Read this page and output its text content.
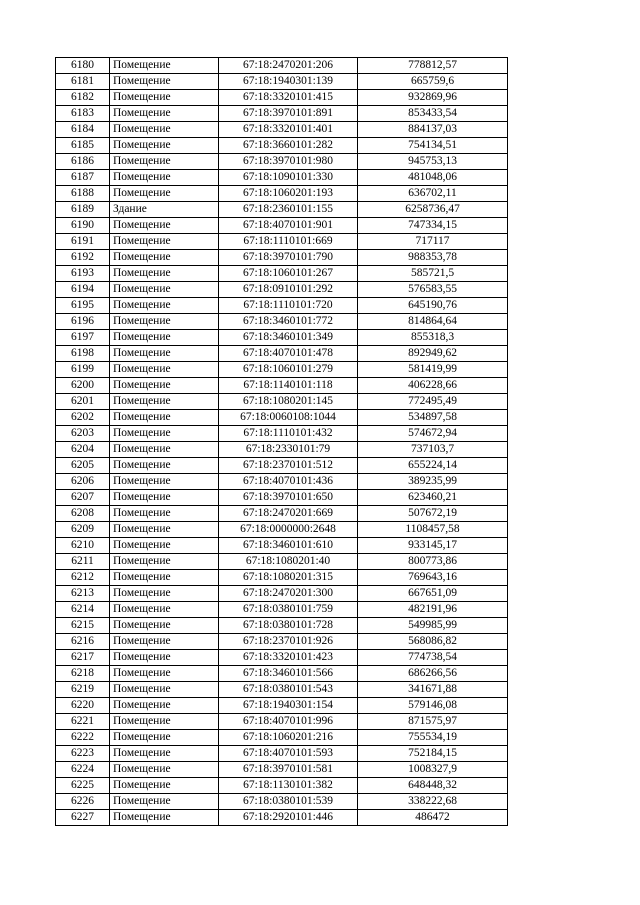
6180	Помещение	67:18:2470201:206	778812,57
6181	Помещение	67:18:1940301:139	665759,6
6182	Помещение	67:18:3320101:415	932869,96
6183	Помещение	67:18:3970101:891	853433,54
6184	Помещение	67:18:3320101:401	884137,03
6185	Помещение	67:18:3660101:282	754134,51
6186	Помещение	67:18:3970101:980	945753,13
6187	Помещение	67:18:1090101:330	481048,06
6188	Помещение	67:18:1060201:193	636702,11
6189	Здание	67:18:2360101:155	6258736,47
6190	Помещение	67:18:4070101:901	747334,15
6191	Помещение	67:18:1110101:669	717117
6192	Помещение	67:18:3970101:790	988353,78
6193	Помещение	67:18:1060101:267	585721,5
6194	Помещение	67:18:0910101:292	576583,55
6195	Помещение	67:18:1110101:720	645190,76
6196	Помещение	67:18:3460101:772	814864,64
6197	Помещение	67:18:3460101:349	855318,3
6198	Помещение	67:18:4070101:478	892949,62
6199	Помещение	67:18:1060101:279	581419,99
6200	Помещение	67:18:1140101:118	406228,66
6201	Помещение	67:18:1080201:145	772495,49
6202	Помещение	67:18:0060108:1044	534897,58
6203	Помещение	67:18:1110101:432	574672,94
6204	Помещение	67:18:2330101:79	737103,7
6205	Помещение	67:18:2370101:512	655224,14
6206	Помещение	67:18:4070101:436	389235,99
6207	Помещение	67:18:3970101:650	623460,21
6208	Помещение	67:18:2470201:669	507672,19
6209	Помещение	67:18:0000000:2648	1108457,58
6210	Помещение	67:18:3460101:610	933145,17
6211	Помещение	67:18:1080201:40	800773,86
6212	Помещение	67:18:1080201:315	769643,16
6213	Помещение	67:18:2470201:300	667651,09
6214	Помещение	67:18:0380101:759	482191,96
6215	Помещение	67:18:0380101:728	549985,99
6216	Помещение	67:18:2370101:926	568086,82
6217	Помещение	67:18:3320101:423	774738,54
6218	Помещение	67:18:3460101:566	686266,56
6219	Помещение	67:18:0380101:543	341671,88
6220	Помещение	67:18:1940301:154	579146,08
6221	Помещение	67:18:4070101:996	871575,97
6222	Помещение	67:18:1060201:216	755534,19
6223	Помещение	67:18:4070101:593	752184,15
6224	Помещение	67:18:3970101:581	1008327,9
6225	Помещение	67:18:1130101:382	648448,32
6226	Помещение	67:18:0380101:539	338222,68
6227	Помещение	67:18:2920101:446	486472
